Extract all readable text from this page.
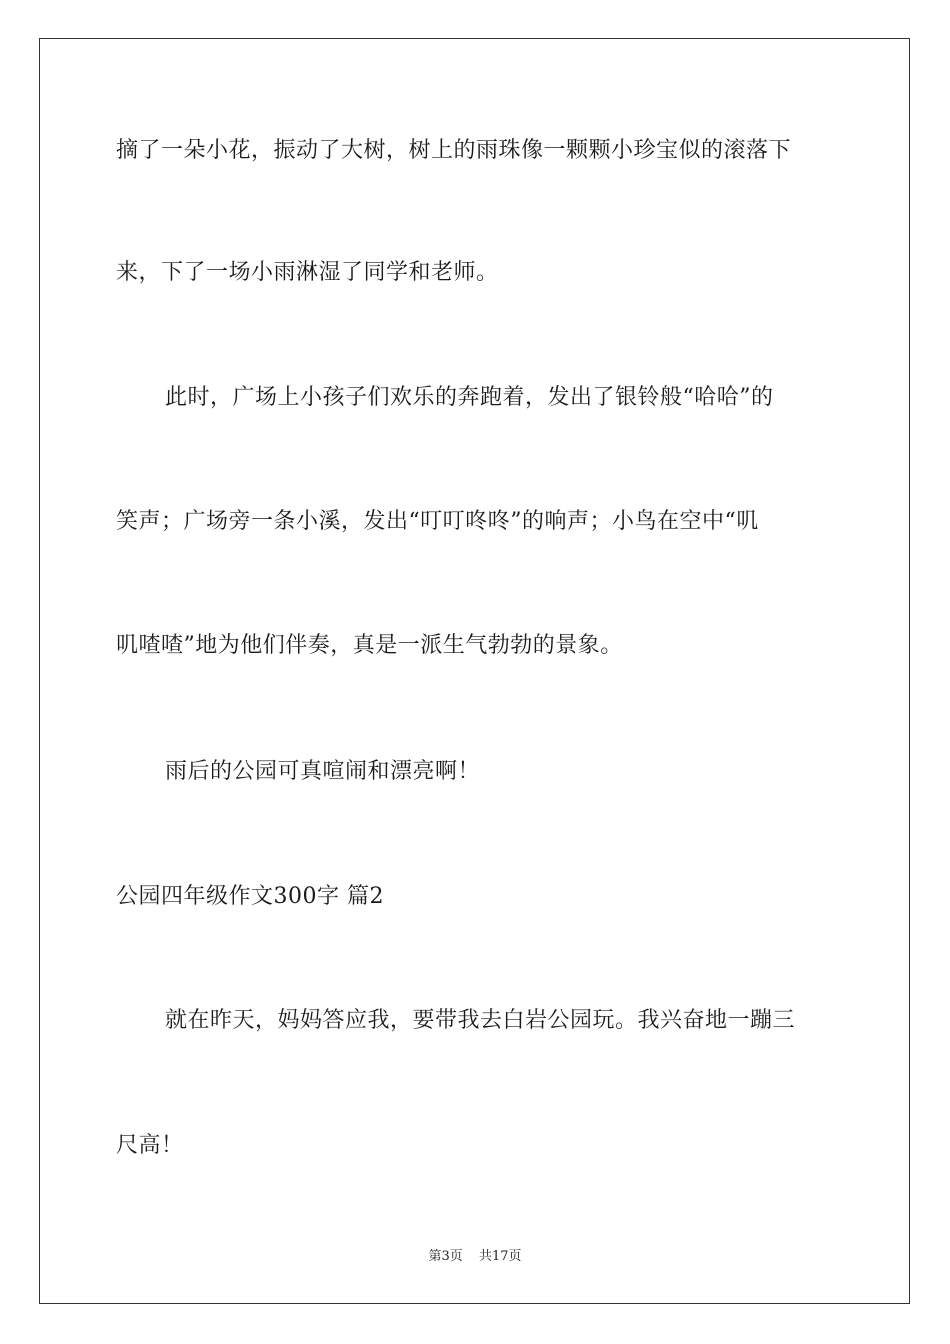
摘了一朵小花，振动了大树，树上的雨珠像一颗颗小珍宝似的滚落下
来，下了一场小雨淋湿了同学和老师。
此时，广场上小孩子们欢乐的奔跑着，发出了银铃般“哈哈”的
笑声；广场旁一条小溪，发出“叮叮咚咚”的响声；小鸟在空中“叽
叽喳喳”地为他们伴奏，真是一派生气勃勃的景象。
雨后的公园可真喧闹和漂亮啊！
公园四年级作文300字 篇2
就在昨天，妈妈答应我，要带我去白岩公园玩。我兴奋地一蹦三
尺高！
第3页 共17页
